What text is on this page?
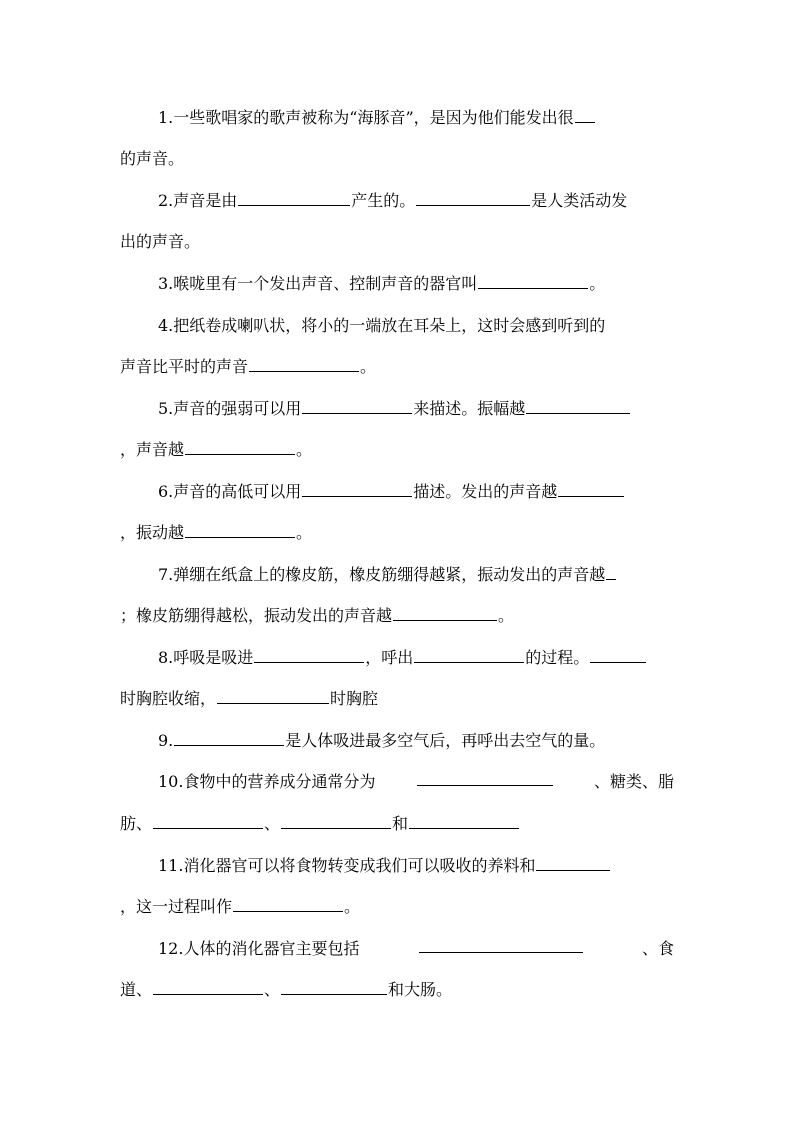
1.一些歌唱家的歌声被称为“海豚音”，是因为他们能发出很
的声音。
2.声音是由	产生的。	是人类活动发
出的声音。
3.喉咙里有一个发出声音、控制声音的器官叫	。
4.把纸卷成喇叭状，将小的一端放在耳朵上，这时会感到听到的
声音比平时的声音	。
5.声音的强弱可以用	来描述。振幅越
，声音越	。
6.声音的高低可以用	描述。发出的声音越
，振动越	。
7.弹绷在纸盒上的橡皮筋，橡皮筋绷得越紧，振动发出的声音越
；橡皮筋绷得越松，振动发出的声音越	。
8.呼吸是吸进	，呼出	的过程。
时胸腔收缩，	时胸腔
9.	是人体吸进最多空气后，再呼出去空气的量。
10.食物中的营养成分通常分为	、糖类、脂
肪、	、	和
11.消化器官可以将食物转变成我们可以吸收的养料和
，这一过程叫作	。
12.人体的消化器官主要包括	、食
道、	、	和大肠。
